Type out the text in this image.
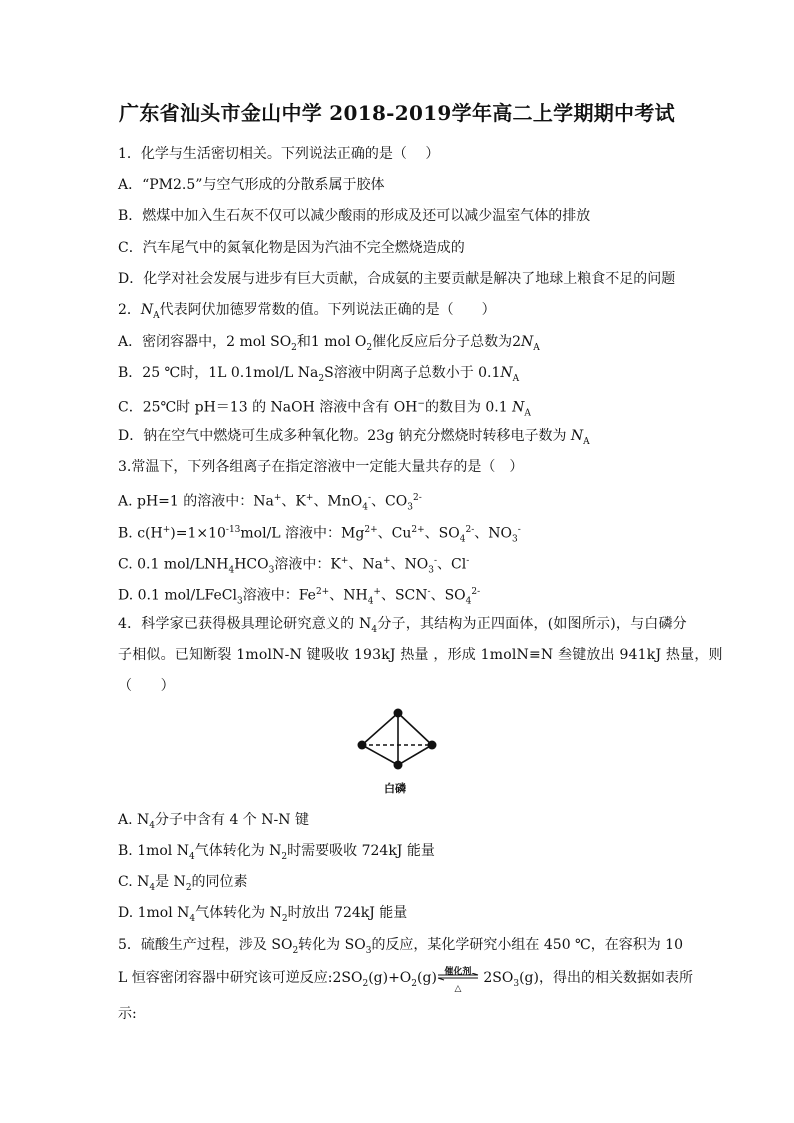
广东省汕头市金山中学 2018-2019学年高二上学期期中考试
1．化学与生活密切相关。下列说法正确的是（　 ）
A．“PM2.5”与空气形成的分散系属于胶体
B．燃煤中加入生石灰不仅可以减少酸雨的形成及还可以减少温室气体的排放
C．汽车尾气中的氮氧化物是因为汽油不完全燃烧造成的
D．化学对社会发展与进步有巨大贡献，合成氨的主要贡献是解决了地球上粮食不足的问题
2．$N_A$代表阿伏加德罗常数的值。下列说法正确的是（　　）
A．密闭容器中，2 mol $SO_2$和1 mol $O_2$催化反应后分子总数为$2N_A$
B．25 ℃时，1L 0.1mol/L $Na_2S$溶液中阴离子总数小于 $0.1N_A$
C．25℃时 pH＝13 的 NaOH 溶液中含有 OH−的数目为 0.1 $N_A$
D．钠在空气中燃烧可生成多种氧化物。23g 钠充分燃烧时转移电子数为 $N_A$
3.常温下，下列各组离子在指定溶液中一定能大量共存的是（　）
A. pH=1 的溶液中：Na+、K+、MnO$_4$-、$CO_3^{2-}$
B. $c(H^+)=1\times 10^{-13}mol/L$ 溶液中：$Mg^{2+}$、$Cu^{2+}$、$SO_4^{2-}$、$NO_3^-$
C. 0.1 mol/$LNH_4HCO_3$溶液中：K+、Na+、$NO_3^-$、Cl-
D. 0.1 mol/LFeCl$_3$溶液中：$Fe^{2+}$、$NH_4^+$、SCN-、$SO_4^{2-}$
4．科学家已获得极具理论研究意义的 $N_4$分子，其结构为正四面体，(如图所示)，与白磷分
子相似。已知断裂 1molN-N 键吸收 193kJ 热量 ，形成 1molN≡N 叁键放出 941kJ 热量，则
（　　）
白磷
A. $N_4$分子中含有 4 个 N-N 键
B. 1mol $N_4$气体转化为 $N_2$时需要吸收 724kJ 能量
C. $N_4$是 $N_2$的同位素
D. 1mol $N_4$气体转化为 $N_2$时放出 724kJ 能量
5．硫酸生产过程，涉及 $SO_2$转化为 $SO_3$的反应，某化学研究小组在 450 ℃，在容积为 10
L 恒容密闭容器中研究该可逆反应$:2SO_2(g)+O_2(g)$ 催化剂
△
$2SO_3(g)$，得出的相关数据如表所
示:
